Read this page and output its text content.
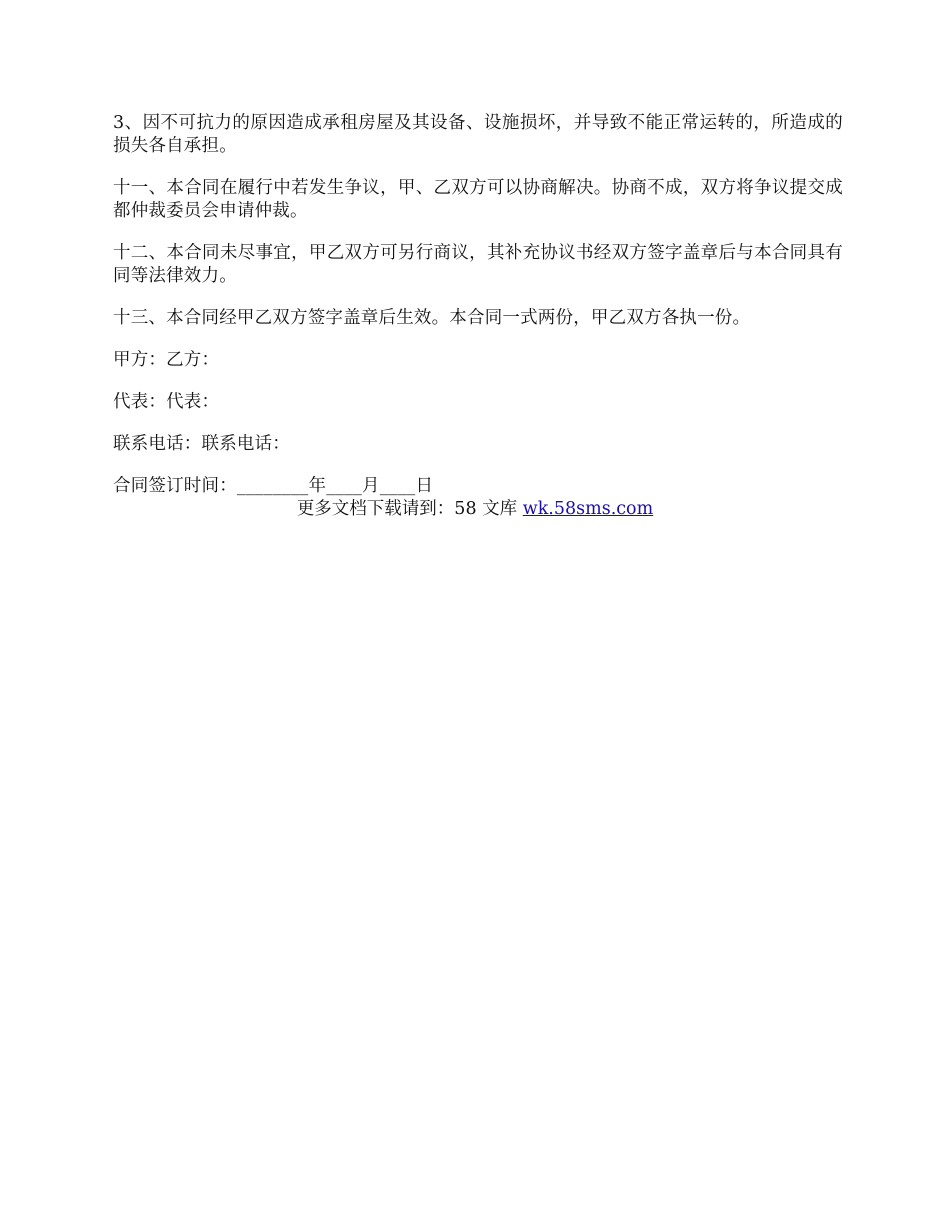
3、因不可抗力的原因造成承租房屋及其设备、设施损坏，并导致不能正常运转的，所造成的损失各自承担。

十一、本合同在履行中若发生争议，甲、乙双方可以协商解决。协商不成，双方将争议提交成都仲裁委员会申请仲裁。

十二、本合同未尽事宜，甲乙双方可另行商议，其补充协议书经双方签字盖章后与本合同具有同等法律效力。

十三、本合同经甲乙双方签字盖章后生效。本合同一式两份，甲乙双方各执一份。

甲方：乙方：

代表：代表：

联系电话：联系电话：

合同签订时间：________年____月____日

更多文档下载请到：58 文库 wk.58sms.com
